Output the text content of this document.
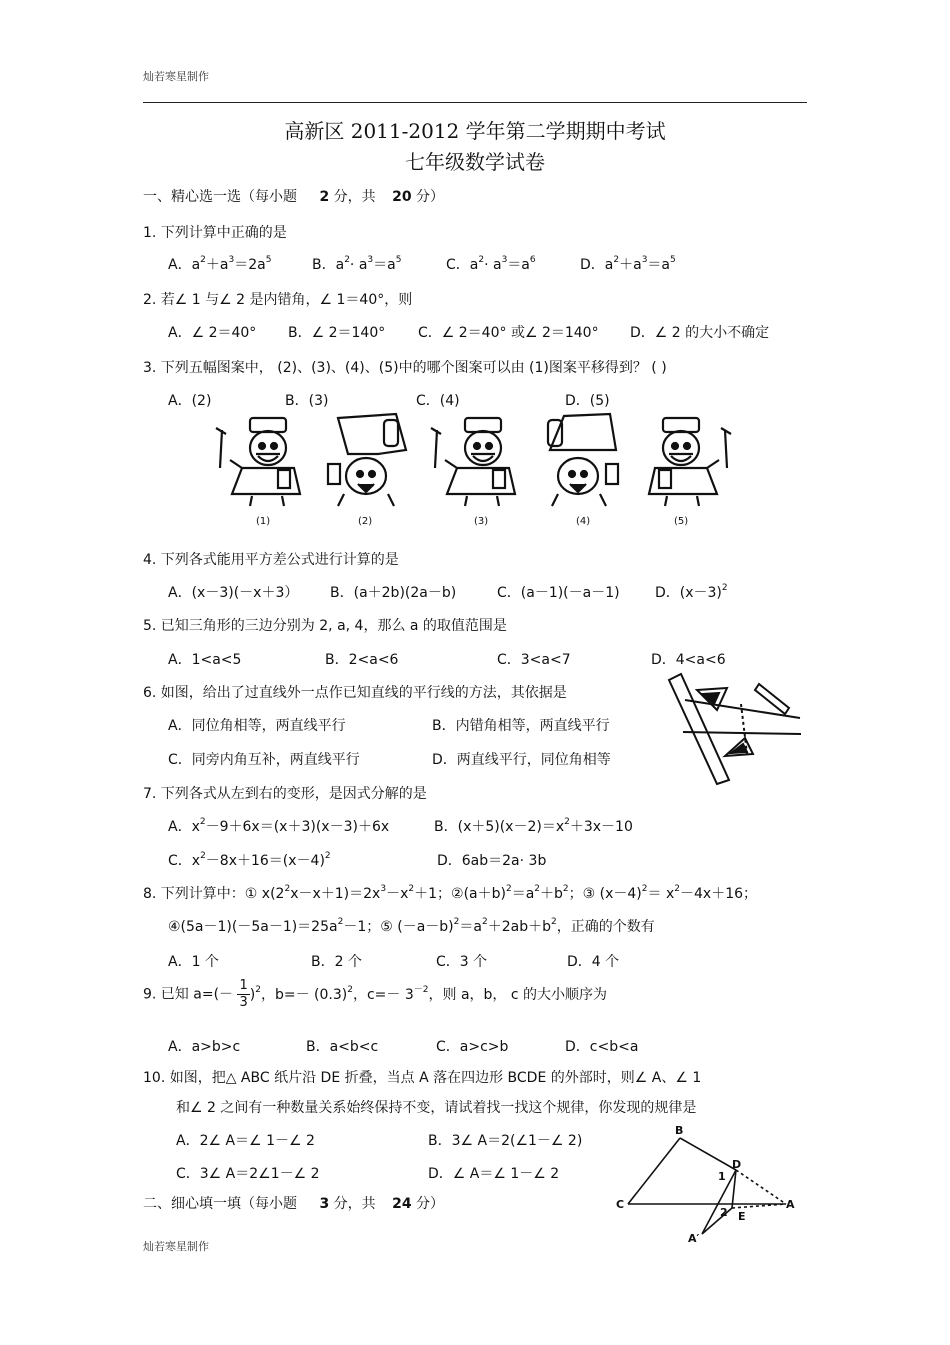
灿若寒星制作
高新区 2011-2012 学年第二学期期中考试
七年级数学试卷
一、精心选一选（每小题 2 分，共 20 分）
1. 下列计算中正确的是
A．$a^2+a^3=2a^5$	B．$a^2\cdot a^3=a^5$	C．$a^2\cdot a^3=a^6$	D．$a^2+a^3=a^5$
2. 若∠ 1 与∠ 2 是内错角，∠ 1＝40°，则
A．∠ 2＝40° B．∠ 2＝140° C．∠ 2＝40° 或∠ 2＝140° D．∠ 2 的大小不确定
3. 下列五幅图案中， (2)、(3)、(4)、(5)中的哪个图案可以由 (1)图案平移得到？ ( )
A．(2)	B．(3)	C．(4)	D．(5)
(1)	(2)	(3)	(4)	(5)
4. 下列各式能用平方差公式进行计算的是
A．(x－3)(－x＋3） B．(a＋2b)(2a－b)	C．(a－1)(－a－1)	D．$(x-3)^2$
5. 已知三角形的三边分别为 2, a, 4，那么 a 的取值范围是
A．1<a<5	B．2<a<6	C．3<a<7	D．4<a<6
6. 如图，给出了过直线外一点作已知直线的平行线的方法，其依据是
A．同位角相等，两直线平行	B．内错角相等，两直线平行
C．同旁内角互补，两直线平行	D．两直线平行，同位角相等
7. 下列各式从左到右的变形，是因式分解的是
A．$x^2-9+6x=(x+3)(x-3)+6x$	B．$(x+5)(x-2)=x^2+3x-10$
C．$x^2-8x+16=(x-4)^2$	D．6ab＝2a· 3b
8. 下列计算中：① $x(2^2x-x+1)=2x^3-x^2+1$；$②(a+b)^2=a^2+b^2$；③ $(x-4)^2= x^2-4x+16$；
$④(5a-1)(-5a-1)=25a^2-1$；⑤ $(-a-b)^2=a^2+2ab+b^2$，正确的个数有
A．1 个	B．2 个	C．3 个	D．4 个
9. 已知 $a=(- \frac{1}{3} )^2$，$b=- (0.3)^2$，$c=- 3^{-2}$，则 a，b， c 的大小顺序为
A．a>b>c	B．a<b<c	C．a>c>b	D．c<b<a
10. 如图，把△ ABC 纸片沿 DE 折叠，当点 A 落在四边形 BCDE 的外部时，则∠ A、∠ 1
和∠ 2 之间有一种数量关系始终保持不变，请试着找一找这个规律，你发现的规律是
A．2∠ A＝∠ 1－∠ 2	B．3∠ A＝2(∠1－∠ 2)
C．3∠ A＝2∠1－∠ 2	D．∠ A＝∠ 1－∠ 2
B
C
D
A
E
A′
1
2
二、细心填一填（每小题 3 分，共 24 分）
灿若寒星制作
